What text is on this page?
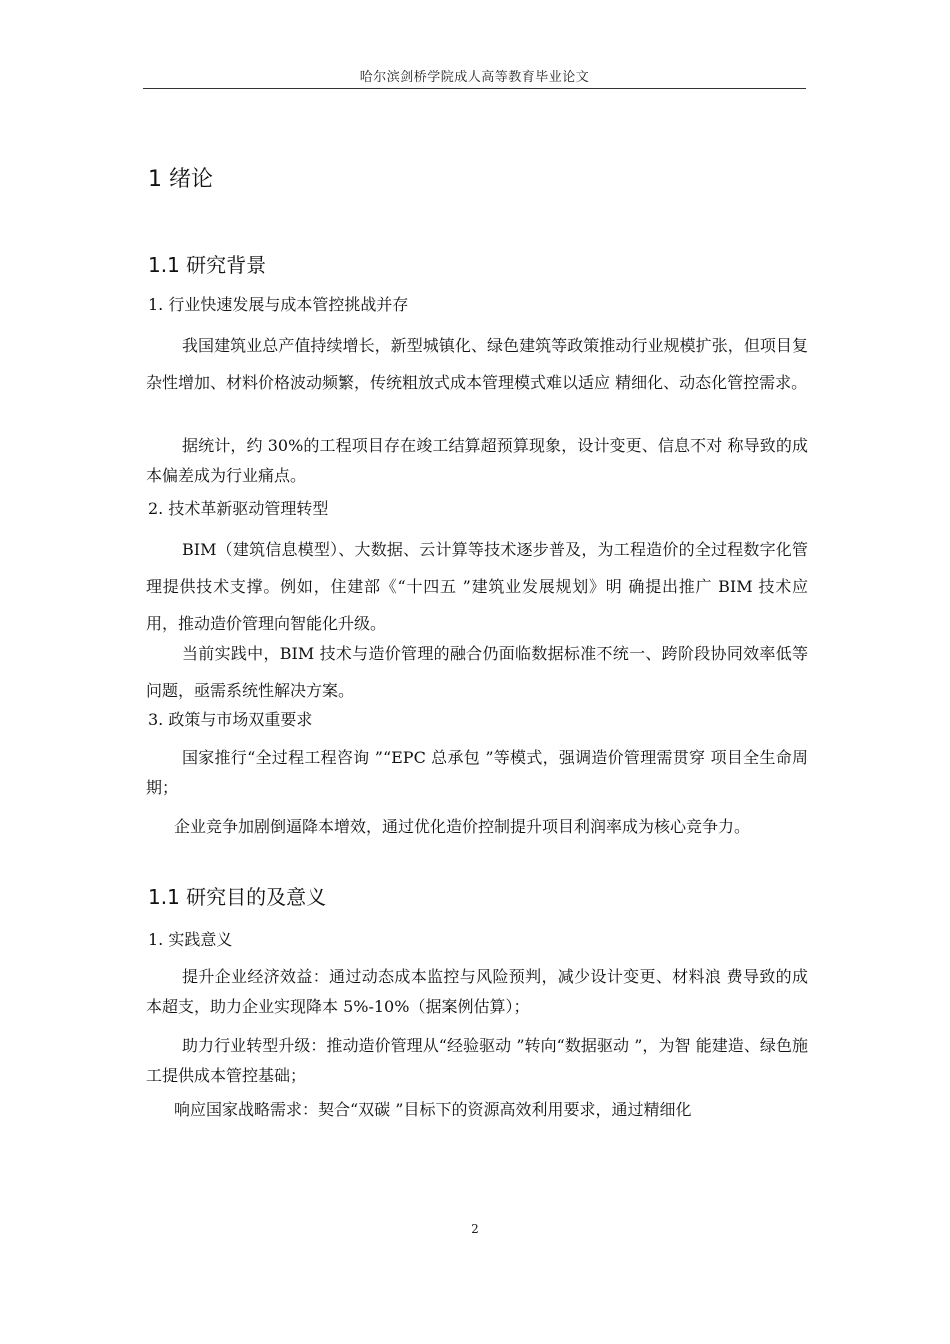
哈尔滨剑桥学院成人高等教育毕业论文
1 绪论
1.1 研究背景
1. 行业快速发展与成本管控挑战并存
我国建筑业总产值持续增长，新型城镇化、绿色建筑等政策推动行业规模扩张，但项目复杂性增加、材料价格波动频繁，传统粗放式成本管理模式难以适应 精细化、动态化管控需求。
据统计，约 30%的工程项目存在竣工结算超预算现象，设计变更、信息不对 称导致的成本偏差成为行业痛点。
2. 技术革新驱动管理转型
BIM（建筑信息模型）、大数据、云计算等技术逐步普及，为工程造价的全过程数字化管理提供技术支撑。例如，住建部《“十四五 ”建筑业发展规划》明 确提出推广 BIM 技术应用，推动造价管理向智能化升级。
当前实践中，BIM 技术与造价管理的融合仍面临数据标准不统一、跨阶段协同效率低等问题，亟需系统性解决方案。
3. 政策与市场双重要求
国家推行“全过程工程咨询 ”“EPC 总承包 ”等模式，强调造价管理需贯穿 项目全生命周期；
企业竞争加剧倒逼降本增效，通过优化造价控制提升项目利润率成为核心竞争力。
1.1 研究目的及意义
1. 实践意义
提升企业经济效益：通过动态成本监控与风险预判，减少设计变更、材料浪 费导致的成本超支，助力企业实现降本 5%-10%（据案例估算）；
助力行业转型升级：推动造价管理从“经验驱动 ”转向“数据驱动 ”，为智 能建造、绿色施工提供成本管控基础；
响应国家战略需求：契合“双碳 ”目标下的资源高效利用要求，通过精细化
2
